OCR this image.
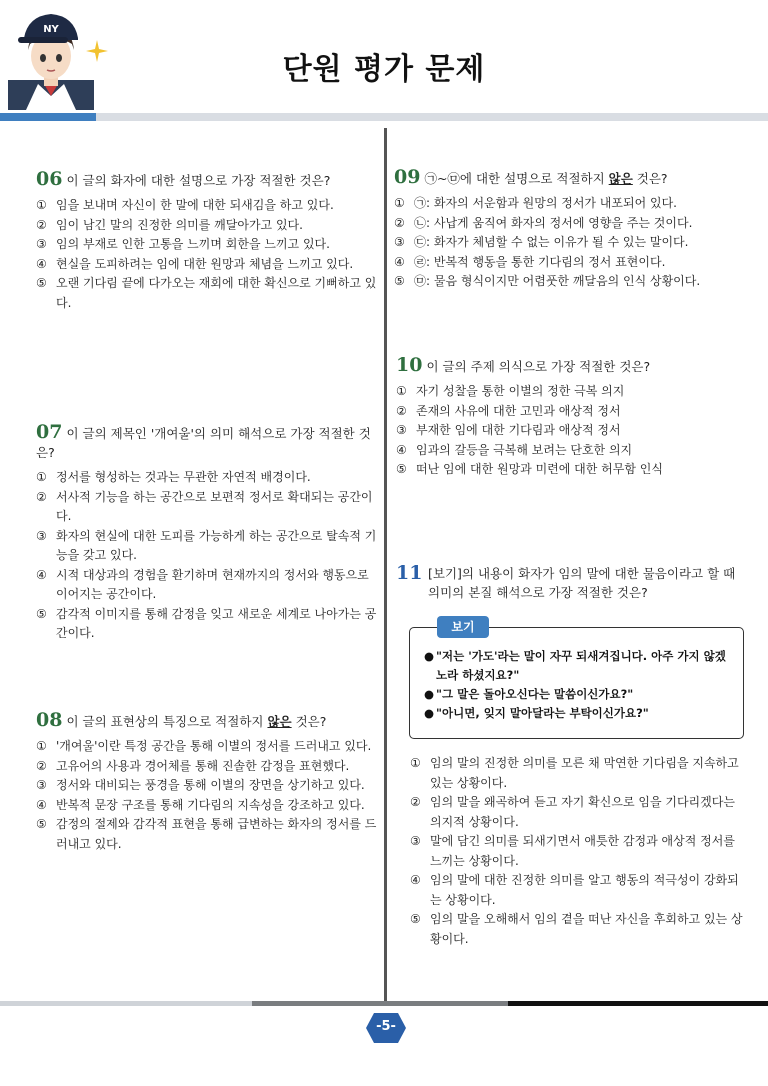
NY
단원 평가 문제
06 이 글의 화자에 대한 설명으로 가장 적절한 것은?
① 임을 보내며 자신이 한 말에 대한 되새김을 하고 있다.
② 임이 남긴 말의 진정한 의미를 깨달아가고 있다.
③ 임의 부재로 인한 고통을 느끼며 회한을 느끼고 있다.
④ 현실을 도피하려는 임에 대한 원망과 체념을 느끼고 있다.
⑤ 오랜 기다림 끝에 다가오는 재회에 대한 확신으로 기뻐하고 있다.
07 이 글의 제목인 '개여울'의 의미 해석으로 가장 적절한 것은?
① 정서를 형성하는 것과는 무관한 자연적 배경이다.
② 서사적 기능을 하는 공간으로 보편적 정서로 확대되는 공간이다.
③ 화자의 현실에 대한 도피를 가능하게 하는 공간으로 탈속적 기능을 갖고 있다.
④ 시적 대상과의 경험을 환기하며 현재까지의 정서와 행동으로 이어지는 공간이다.
⑤ 감각적 이미지를 통해 감정을 잊고 새로운 세계로 나아가는 공간이다.
08 이 글의 표현상의 특징으로 적절하지 않은 것은?
① '개여울'이란 특정 공간을 통해 이별의 정서를 드러내고 있다.
② 고유어의 사용과 경어체를 통해 진솔한 감정을 표현했다.
③ 정서와 대비되는 풍경을 통해 이별의 장면을 상기하고 있다.
④ 반복적 문장 구조를 통해 기다림의 지속성을 강조하고 있다.
⑤ 감정의 절제와 감각적 표현을 통해 급변하는 화자의 정서를 드러내고 있다.
09 ㉠~㉤에 대한 설명으로 적절하지 않은 것은?
① ㉠: 화자의 서운함과 원망의 정서가 내포되어 있다.
② ㉡: 사납게 움직여 화자의 정서에 영향을 주는 것이다.
③ ㉢: 화자가 체념할 수 없는 이유가 될 수 있는 말이다.
④ ㉣: 반복적 행동을 통한 기다림의 정서 표현이다.
⑤ ㉤: 물음 형식이지만 어렴풋한 깨달음의 인식 상황이다.
10 이 글의 주제 의식으로 가장 적절한 것은?
① 자기 성찰을 통한 이별의 정한 극복 의지
② 존재의 사유에 대한 고민과 애상적 정서
③ 부재한 임에 대한 기다림과 애상적 정서
④ 임과의 갈등을 극복해 보려는 단호한 의지
⑤ 떠난 임에 대한 원망과 미련에 대한 허무함 인식
11 [보기]의 내용이 화자가 임의 말에 대한 물음이라고 할 때 의미의 본질 해석으로 가장 적절한 것은?
보기
● "저는 '가도'라는 말이 자꾸 되새겨집니다. 아주 가지 않겠노라 하셨지요?"
● "그 말은 돌아오신다는 말씀이신가요?"
● "아니면, 잊지 말아달라는 부탁이신가요?"
① 임의 말의 진정한 의미를 모른 채 막연한 기다림을 지속하고 있는 상황이다.
② 임의 말을 왜곡하여 듣고 자기 확신으로 임을 기다리겠다는 의지적 상황이다.
③ 말에 담긴 의미를 되새기면서 애틋한 감정과 애상적 정서를 느끼는 상황이다.
④ 임의 말에 대한 진정한 의미를 알고 행동의 적극성이 강화되는 상황이다.
⑤ 임의 말을 오해해서 임의 곁을 떠난 자신을 후회하고 있는 상황이다.
-5-
